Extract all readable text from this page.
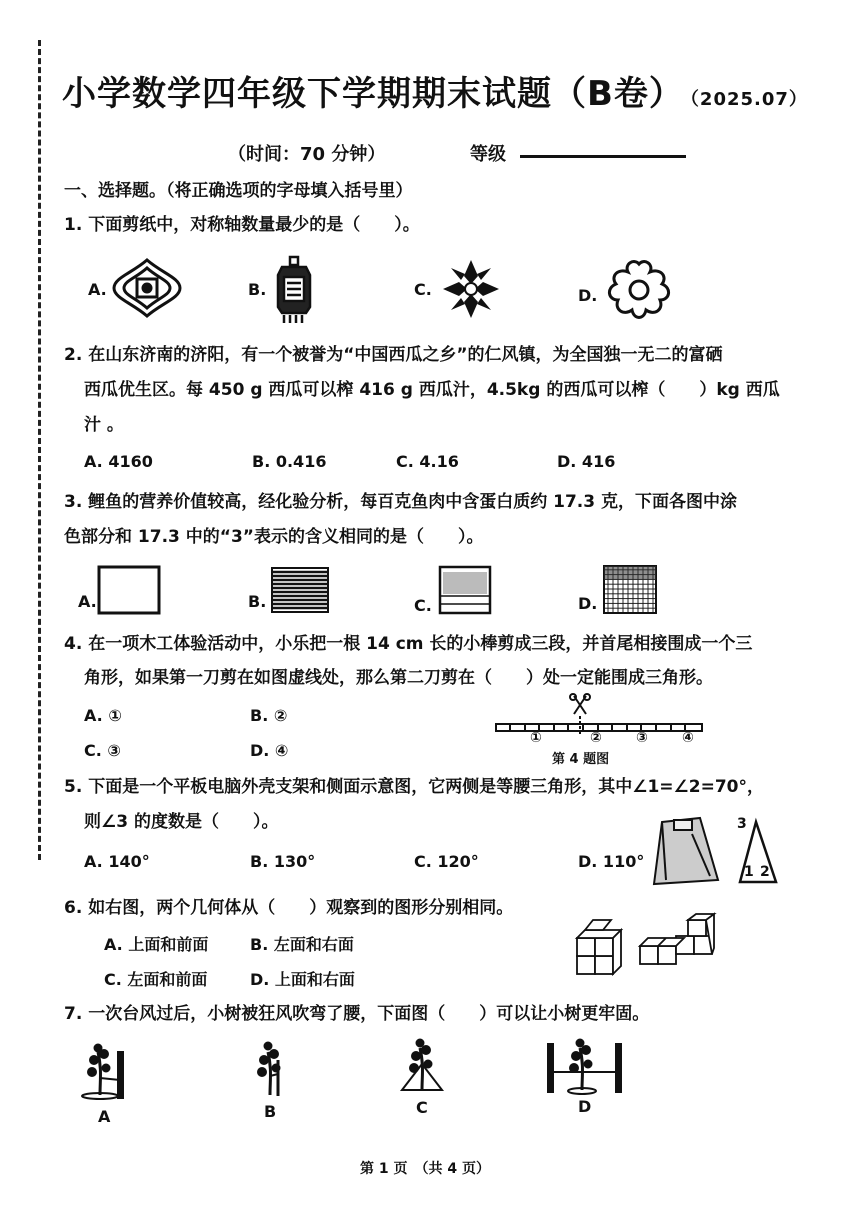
小学数学四年级下学期期末试题（B卷） （2025.07）
（时间：70 分钟）	等级
一、选择题。（将正确选项的字母填入括号里）
1. 下面剪纸中，对称轴数量最少的是（　　）。
A.	B.	C.	D.
2. 在山东济南的济阳，有一个被誉为“中国西瓜之乡”的仁风镇，为全国独一无二的富硒
西瓜优生区。每 450 g 西瓜可以榨 416 g 西瓜汁，4.5kg 的西瓜可以榨（　　）kg 西瓜
汁 。
A. 4160	B. 0.416	C. 4.16	D. 416
3. 鲤鱼的营养价值较高，经化验分析，每百克鱼肉中含蛋白质约 17.3 克，下面各图中涂
色部分和 17.3 中的“3”表示的含义相同的是（　　）。
A.	B.	C.	D.
4. 在一项木工体验活动中，小乐把一根 14 cm 长的小棒剪成三段，并首尾相接围成一个三
角形，如果第一刀剪在如图虚线处，那么第二刀剪在（　　）处一定能围成三角形。
A. ①	B. ②
C. ③	D. ④
①	② ③ ④
第 4 题图
5. 下面是一个平板电脑外壳支架和侧面示意图，它两侧是等腰三角形，其中∠1=∠2=70°，
则∠3 的度数是（　　）。
A. 140°	B. 130°	C. 120°	D. 110°
3
1 2
6. 如右图，两个几何体从（　　）观察到的图形分别相同。
A. 上面和前面	B. 左面和右面
C. 左面和前面	D. 上面和右面
7. 一次台风过后，小树被狂风吹弯了腰，下面图（　　）可以让小树更牢固。
A	B	C	D
第 1 页　（共 4 页）
